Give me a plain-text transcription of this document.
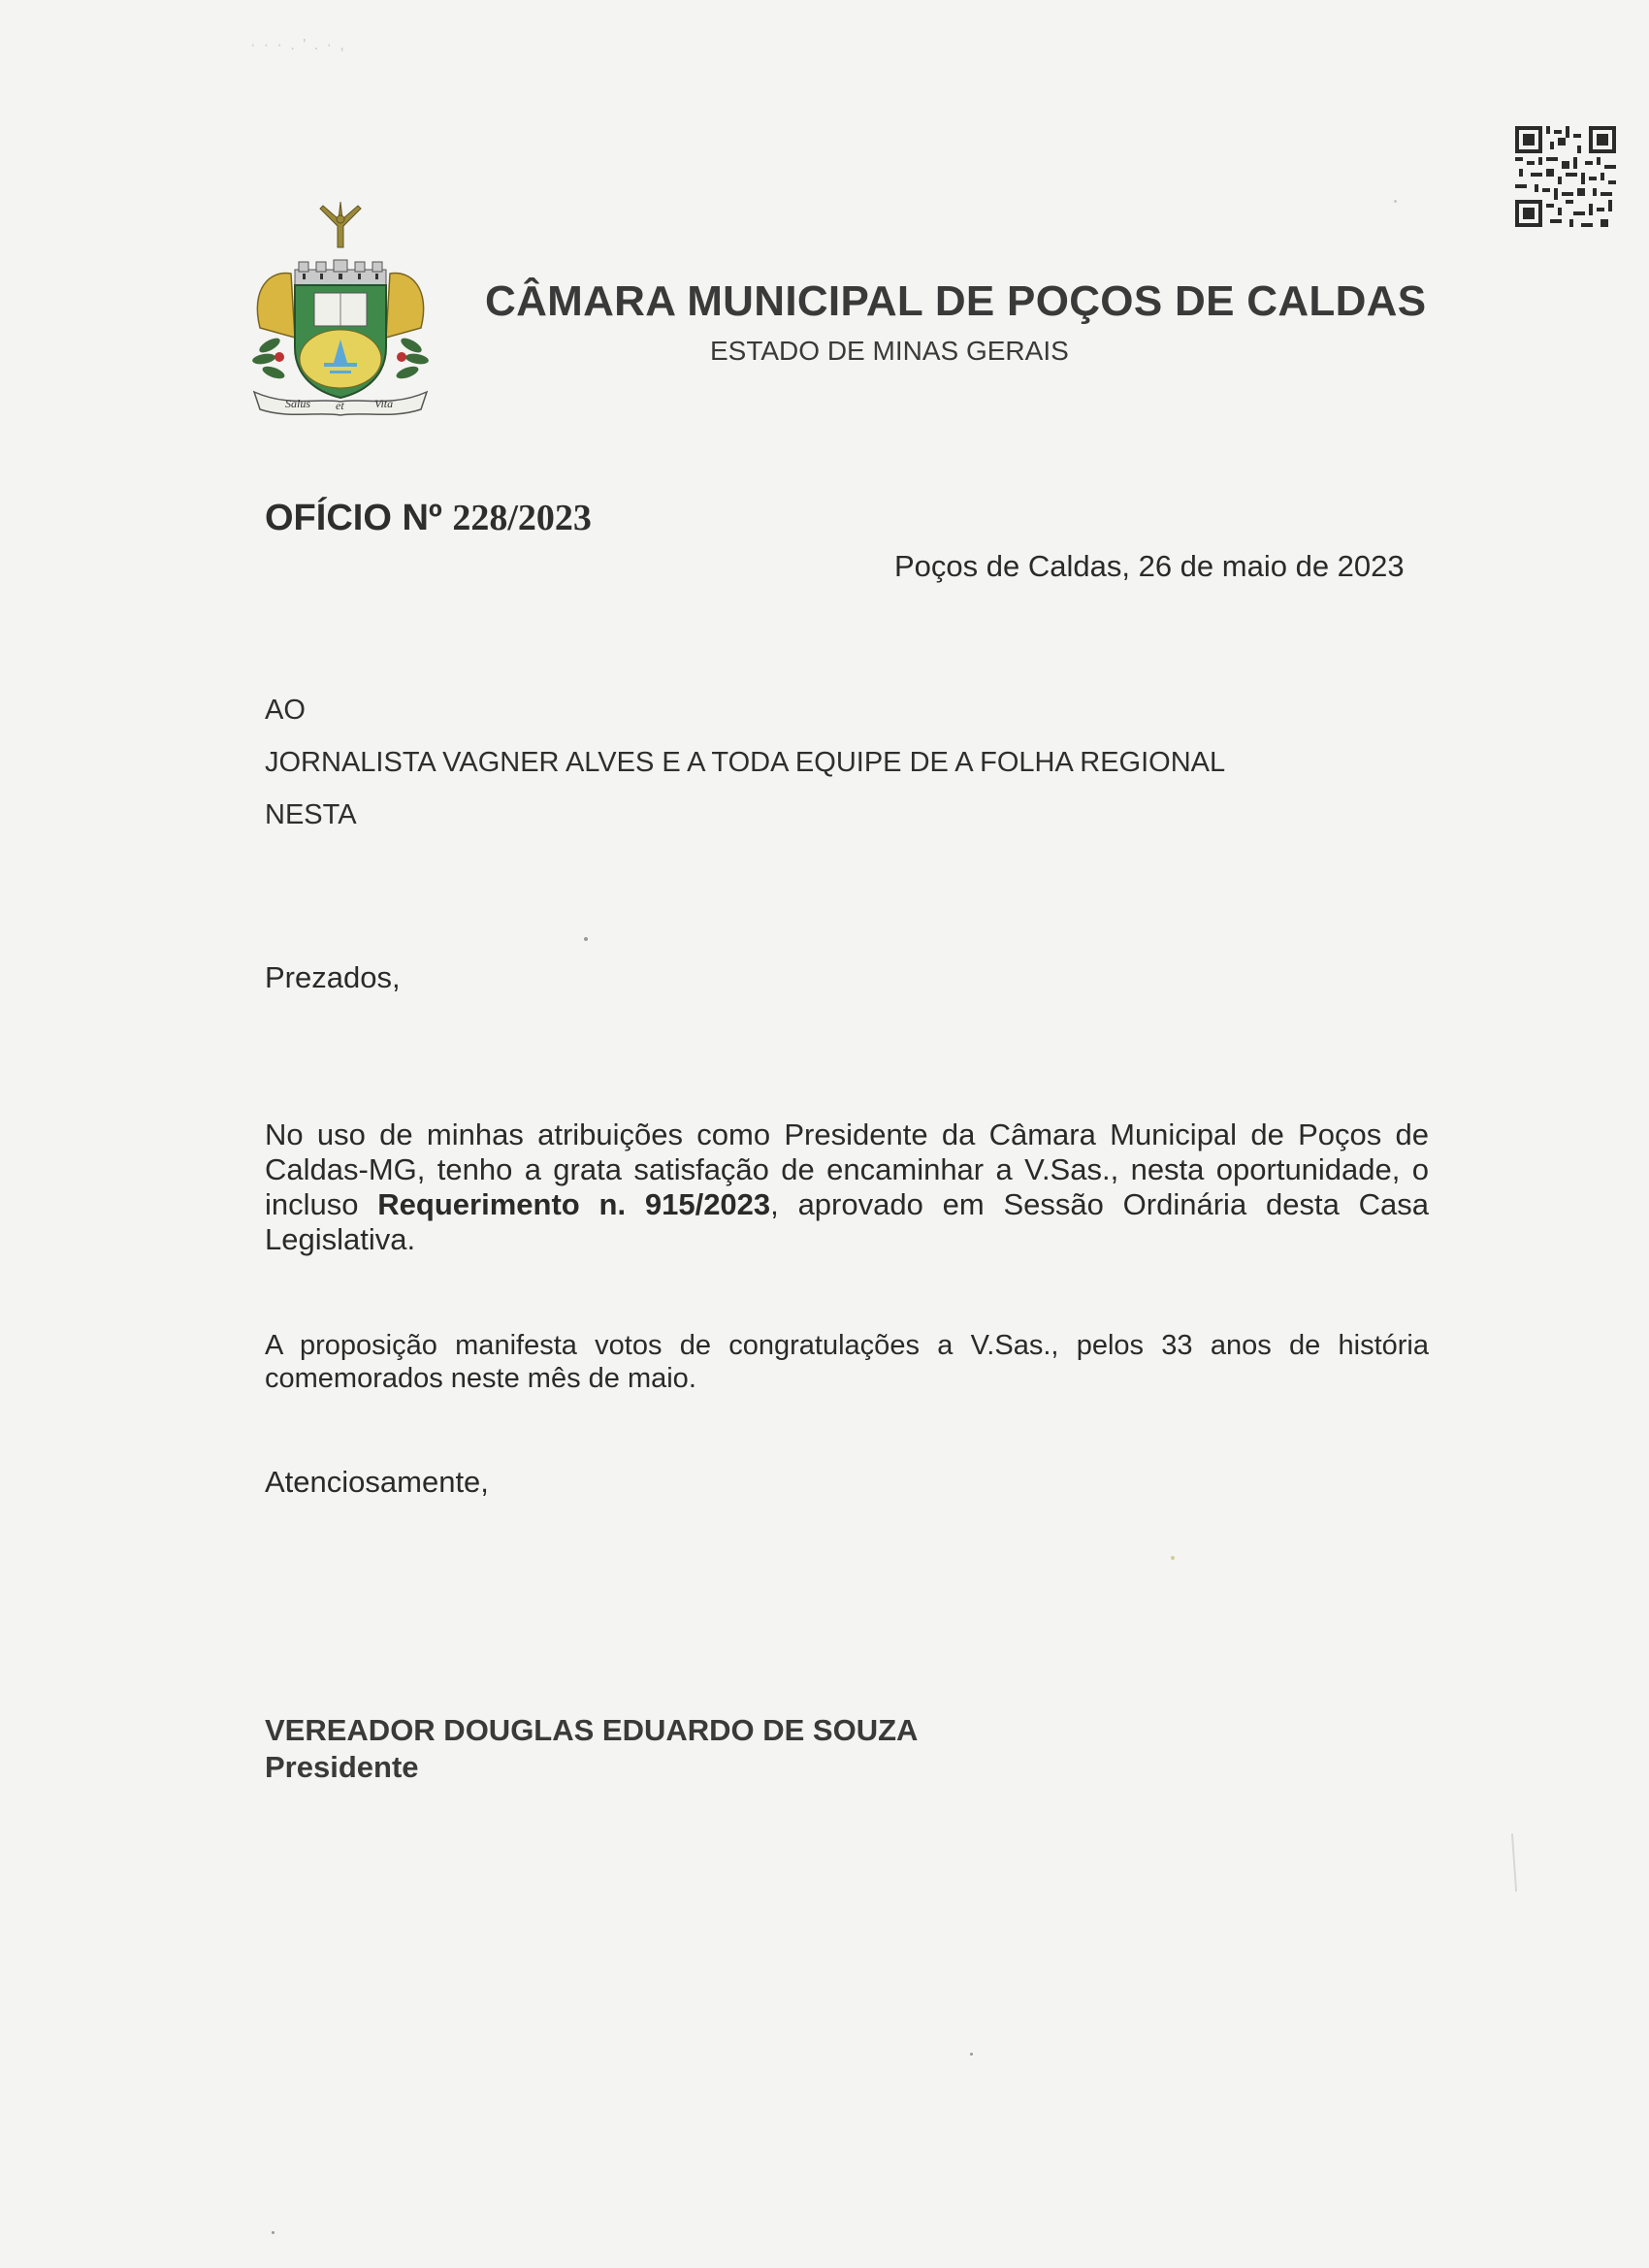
· · · . ' . · ,
Salus et	Vita
CÂMARA MUNICIPAL DE POÇOS DE CALDAS
ESTADO DE MINAS GERAIS
OFÍCIO Nº 228/2023
Poços de Caldas, 26 de maio de 2023
AO
JORNALISTA VAGNER ALVES E A TODA EQUIPE DE A FOLHA REGIONAL
NESTA
Prezados,
No uso de minhas atribuições como Presidente da Câmara Municipal de Poços de Caldas-MG, tenho a grata satisfação de encaminhar a V.Sas., nesta oportunidade, o incluso Requerimento n. 915/2023, aprovado em Sessão Ordinária desta Casa Legislativa.
A proposição manifesta votos de congratulações a V.Sas., pelos 33 anos de história comemorados neste mês de maio.
Atenciosamente,
VEREADOR DOUGLAS EDUARDO DE SOUZA
Presidente
